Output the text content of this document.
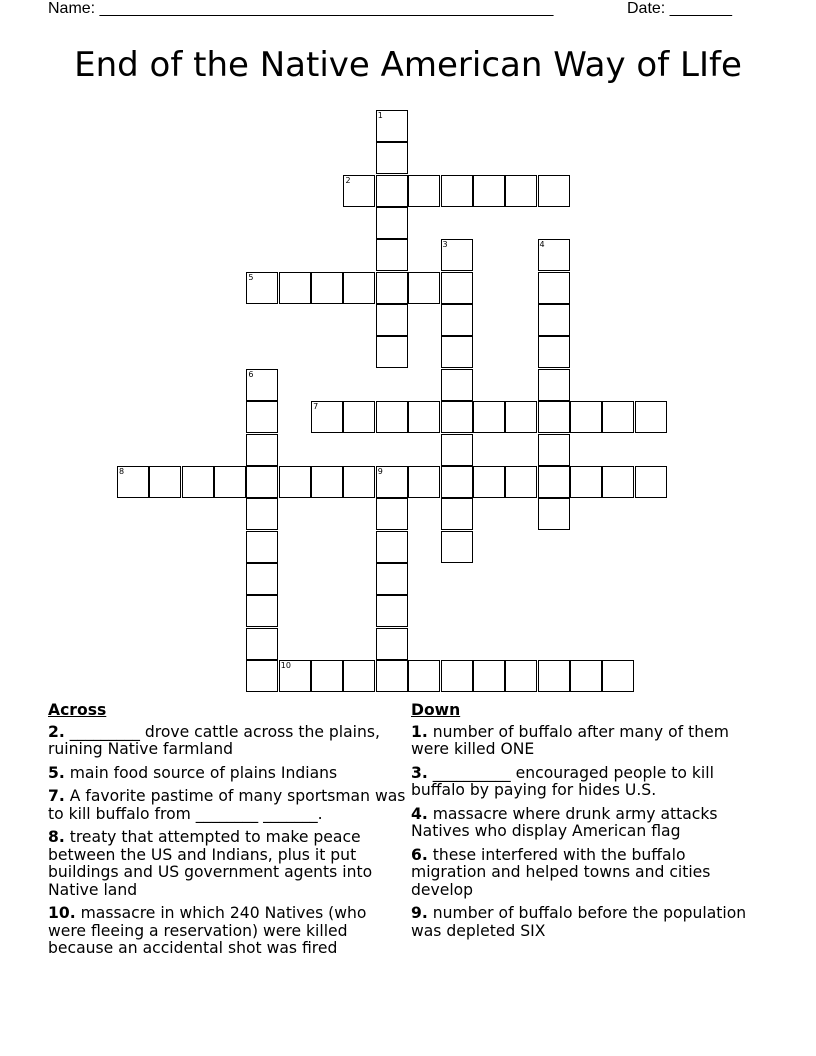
Name: ___________________________________________________	Date: _______
End of the Native American Way of LIfe
1
2
3	4
5
6
7
8	9
10
Across
2. _________ drove cattle across the plains, ruining Native farmland
5. main food source of plains Indians
7. A favorite pastime of many sportsman was to kill buffalo from ________ _______.
8. treaty that attempted to make peace between the US and Indians, plus it put buildings and US government agents into Native land
10. massacre in which 240 Natives (who were fleeing a reservation) were killed because an accidental shot was fired
Down
1. number of buffalo after many of them were killed ONE
3. __________ encouraged people to kill buffalo by paying for hides U.S.
4. massacre where drunk army attacks Natives who display American flag
6. these interfered with the buffalo migration and helped towns and cities develop
9. number of buffalo before the population was depleted SIX
